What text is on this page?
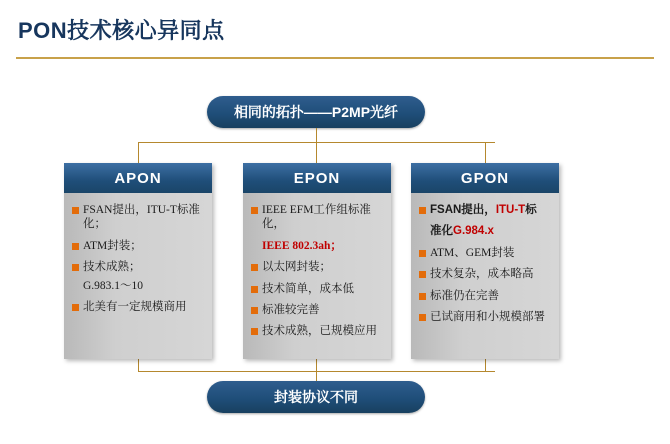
PON技术核心异同点
相同的拓扑——P2MP光纤
APON
FSAN提出，ITU-T标准化；
ATM封装；
技术成熟；
G.983.1～10
北美有一定规模商用
EPON
IEEE EFM工作组标准化，
IEEE 802.3ah；
以太网封装；
技术简单，成本低
标准较完善
技术成熟，已规模应用
GPON
FSAN提出，ITU-T标
准化G.984.x
ATM、GEM封装
技术复杂，成本略高
标准仍在完善
已试商用和小规模部署
封装协议不同
